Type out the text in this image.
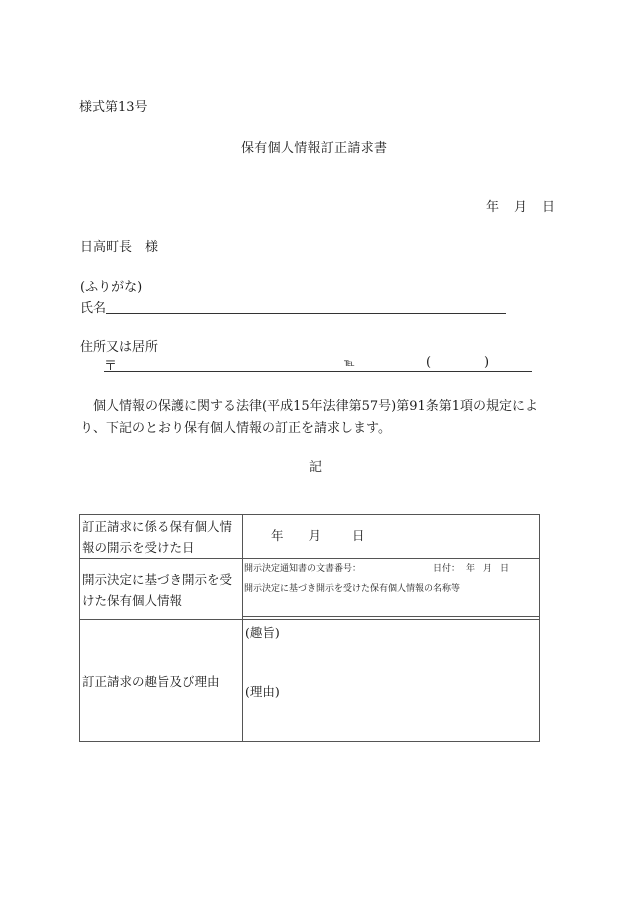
様式第13号
保有個人情報訂正請求書
年 月 日
日高町長　様
(ふりがな)
氏名
住所又は居所
〒	℡	(	)
個人情報の保護に関する法律(平成15年法律第57号)第91条第1項の規定により、下記のとおり保有個人情報の訂正を請求します。
記
訂正請求に係る保有個人情報の開示を受けた日	年 月 日
開示決定に基づき開示を受けた保有個人情報	開示決定通知書の文書番号： 日付： 年 月 日
開示決定に基づき開示を受けた保有個人情報の名称等

訂正請求の趣旨及び理由	(趣旨)
(理由)
